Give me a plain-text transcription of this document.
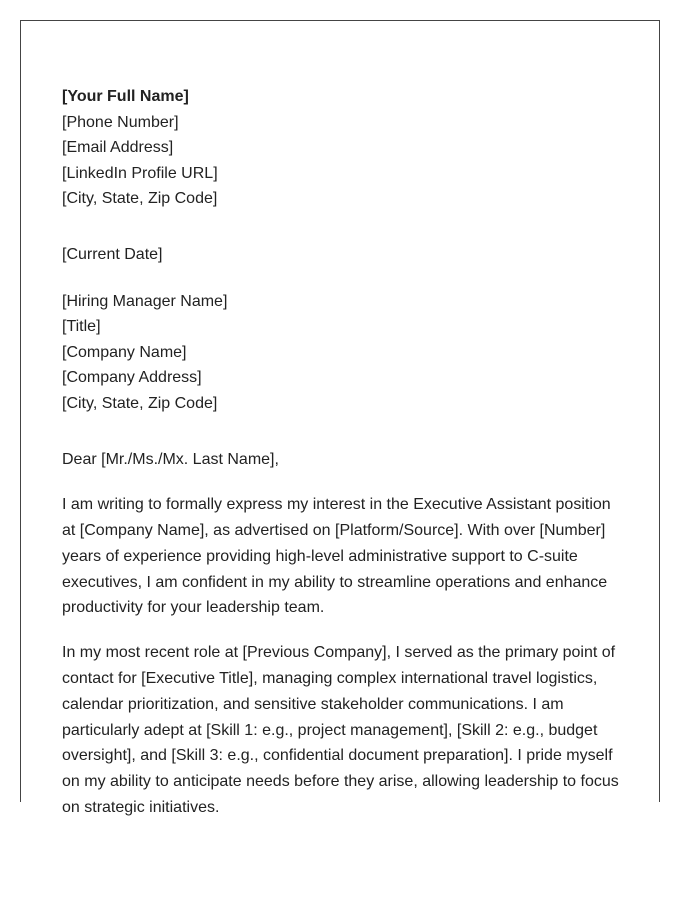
[Your Full Name]
[Phone Number]
[Email Address]
[LinkedIn Profile URL]
[City, State, Zip Code]
[Current Date]
[Hiring Manager Name]
[Title]
[Company Name]
[Company Address]
[City, State, Zip Code]
Dear [Mr./Ms./Mx. Last Name],

I am writing to formally express my interest in the Executive Assistant position at [Company Name], as advertised on [Platform/Source]. With over [Number] years of experience providing high-level administrative support to C-suite executives, I am confident in my ability to streamline operations and enhance productivity for your leadership team.

In my most recent role at [Previous Company], I served as the primary point of contact for [Executive Title], managing complex international travel logistics, calendar prioritization, and sensitive stakeholder communications. I am particularly adept at [Skill 1: e.g., project management], [Skill 2: e.g., budget oversight], and [Skill 3: e.g., confidential document preparation]. I pride myself on my ability to anticipate needs before they arise, allowing leadership to focus on strategic initiatives.
